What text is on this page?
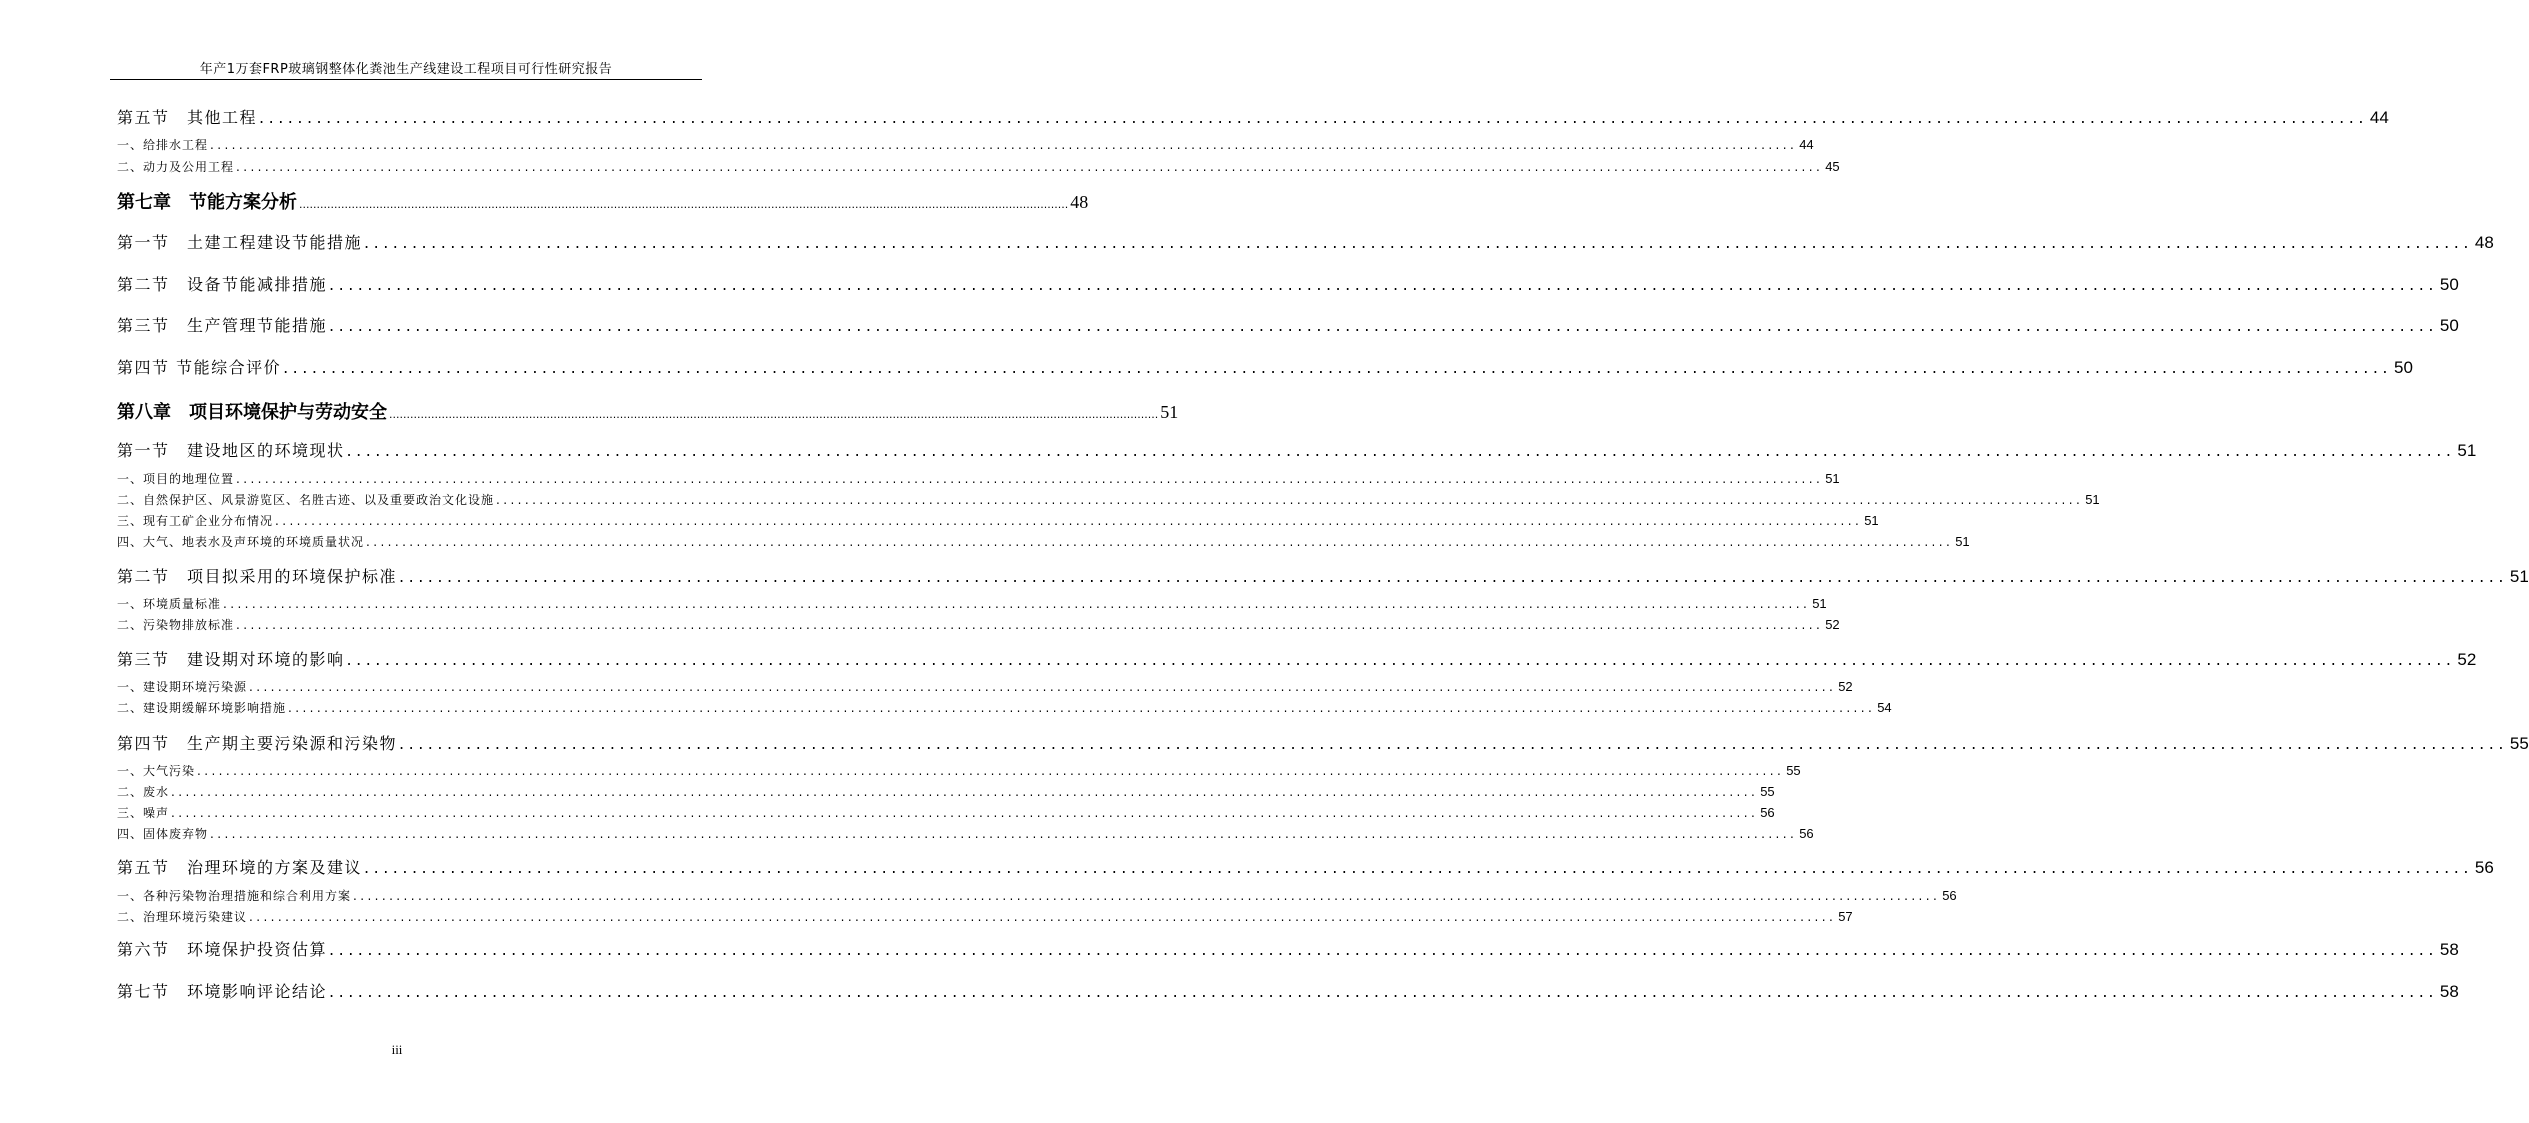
年产1万套FRP玻璃钢整体化粪池生产线建设工程项目可行性研究报告
第五节　其他工程 ............................................................................................................................................................................................................................ 44
一、给排水工程 ............................................................................................................................................................................................................................ 44
二、动力及公用工程 ............................................................................................................................................................................................................................ 45
第七章　节能方案分析 ............................................................................................................................................................................................................................ 48
第一节　土建工程建设节能措施 ............................................................................................................................................................................................................................ 48
第二节　设备节能减排措施 ............................................................................................................................................................................................................................ 50
第三节　生产管理节能措施 ............................................................................................................................................................................................................................ 50
第四节 节能综合评价 ............................................................................................................................................................................................................................ 50
第八章　项目环境保护与劳动安全 ............................................................................................................................................................................................................................ 51
第一节　建设地区的环境现状 ............................................................................................................................................................................................................................ 51
一、项目的地理位置 ............................................................................................................................................................................................................................ 51
二、自然保护区、风景游览区、名胜古迹、以及重要政治文化设施 ............................................................................................................................................................................................................................ 51
三、现有工矿企业分布情况 ............................................................................................................................................................................................................................ 51
四、大气、地表水及声环境的环境质量状况 ............................................................................................................................................................................................................................ 51
第二节　项目拟采用的环境保护标准 ............................................................................................................................................................................................................................ 51
一、环境质量标准 ............................................................................................................................................................................................................................ 51
二、污染物排放标准 ............................................................................................................................................................................................................................ 52
第三节　建设期对环境的影响 ............................................................................................................................................................................................................................ 52
一、建设期环境污染源 ............................................................................................................................................................................................................................ 52
二、建设期缓解环境影响措施 ............................................................................................................................................................................................................................ 54
第四节　生产期主要污染源和污染物 ............................................................................................................................................................................................................................ 55
一、大气污染 ............................................................................................................................................................................................................................ 55
二、废水 ............................................................................................................................................................................................................................ 55
三、噪声 ............................................................................................................................................................................................................................ 56
四、固体废弃物 ............................................................................................................................................................................................................................ 56
第五节　治理环境的方案及建议 ............................................................................................................................................................................................................................ 56
一、各种污染物治理措施和综合利用方案 ............................................................................................................................................................................................................................ 56
二、治理环境污染建议 ............................................................................................................................................................................................................................ 57
第六节　环境保护投资估算 ............................................................................................................................................................................................................................ 58
第七节　环境影响评论结论 ............................................................................................................................................................................................................................ 58
iii
